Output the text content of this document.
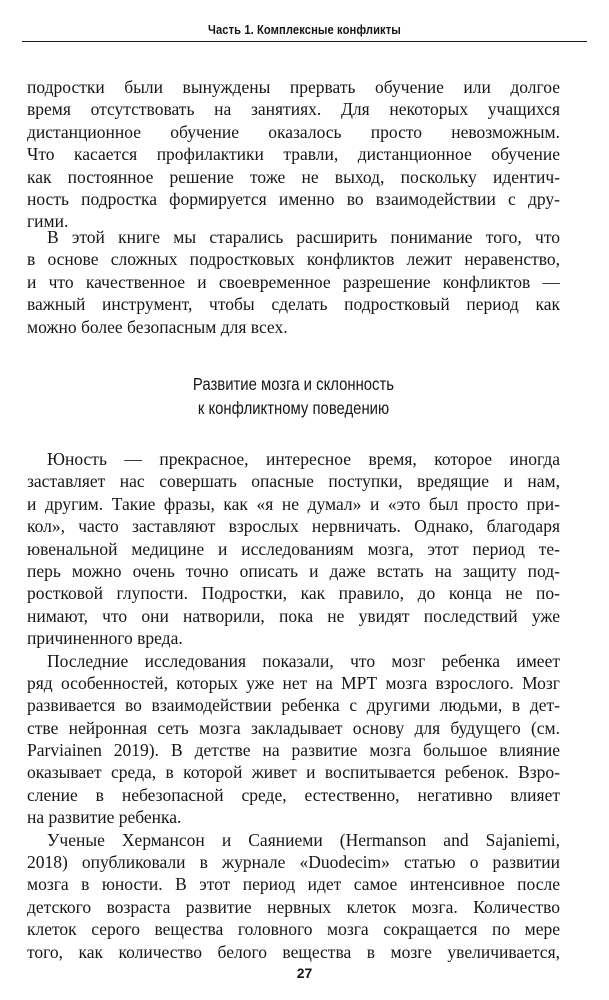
Часть 1. Комплексные конфликты
подростки были вынуждены прервать обучение или долгое
время отсутствовать на занятиях. Для некоторых учащихся
дистанционное обучение оказалось просто невозможным.
Что касается профилактики травли, дистанционное обучение
как постоянное решение тоже не выход, поскольку идентич-
ность подростка формируется именно во взаимодействии с дру-
гими.
В этой книге мы старались расширить понимание того, что
в основе сложных подростковых конфликтов лежит неравенство,
и что качественное и своевременное разрешение конфликтов —
важный инструмент, чтобы сделать подростковый период как
можно более безопасным для всех.
Развитие мозга и склонность
к конфликтному поведению
Юность — прекрасное, интересное время, которое иногда
заставляет нас совершать опасные поступки, вредящие и нам,
и другим. Такие фразы, как «я не думал» и «это был просто при-
кол», часто заставляют взрослых нервничать. Однако, благодаря
ювенальной медицине и исследованиям мозга, этот период те-
перь можно очень точно описать и даже встать на защиту под-
ростковой глупости. Подростки, как правило, до конца не по-
нимают, что они натворили, пока не увидят последствий уже
причиненного вреда.
Последние исследования показали, что мозг ребенка имеет
ряд особенностей, которых уже нет на МРТ мозга взрослого. Мозг
развивается во взаимодействии ребенка с другими людьми, в дет-
стве нейронная сеть мозга закладывает основу для будущего (см.
Parviainen 2019). В детстве на развитие мозга большое влияние
оказывает среда, в которой живет и воспитывается ребенок. Взро-
сление в небезопасной среде, естественно, негативно влияет
на развитие ребенка.
Ученые Хермансон и Саяниеми (Hermanson and Sajaniemi,
2018) опубликовали в журнале «Duodecim» статью о развитии
мозга в юности. В этот период идет самое интенсивное после
детского возраста развитие нервных клеток мозга. Количество
клеток серого вещества головного мозга сокращается по мере
того, как количество белого вещества в мозге увеличивается,
27
